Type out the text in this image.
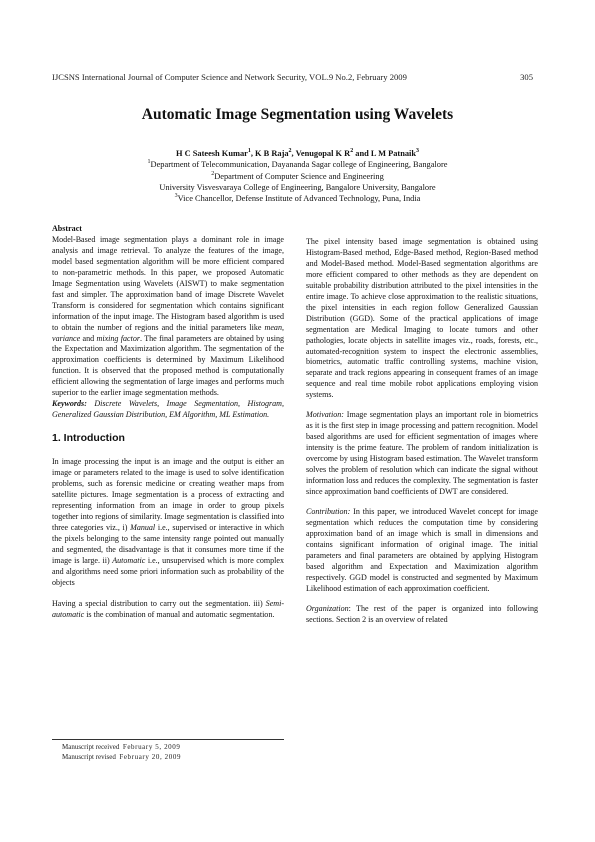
IJCSNS International Journal of Computer Science and Network Security, VOL.9 No.2, February 2009	305
Automatic Image Segmentation using Wavelets
H C Sateesh Kumar$^1$, K B Raja$^2$, Venugopal K $R^2$ and L M Patnaik$^3$
$^1$Department of Telecommunication, Dayananda Sagar college of Engineering, Bangalore
$^2$Department of Computer Science and Engineering
University Visvesvaraya College of Engineering, Bangalore University, Bangalore
$^3$Vice Chancellor, Defense Institute of Advanced Technology, Puna, India
Abstract

Model-Based image segmentation plays a dominant role in image analysis and image retrieval. To analyze the features of the image, model based segmentation algorithm will be more efficient compared to non-parametric methods. In this paper, we proposed Automatic Image Segmentation using Wavelets (AISWT) to make segmentation fast and simpler. The approximation band of image Discrete Wavelet Transform is considered for segmentation which contains significant information of the input image. The Histogram based algorithm is used to obtain the number of regions and the initial parameters like mean, variance and mixing factor. The final parameters are obtained by using the Expectation and Maximization algorithm. The segmentation of the approximation coefficients is determined by Maximum Likelihood function. It is observed that the proposed method is computationally efficient allowing the segmentation of large images and performs much superior to the earlier image segmentation methods.

Keywords: Discrete Wavelets, Image Segmentation, Histogram, Generalized Gaussian Distribution, EM Algorithm, ML Estimation.

1. Introduction

In image processing the input is an image and the output is either an image or parameters related to the image is used to solve identification problems, such as forensic medicine or creating weather maps from satellite pictures. Image segmentation is a process of extracting and representing information from an image in order to group pixels together into regions of similarity. Image segmentation is classified into three categories viz., i) Manual i.e., supervised or interactive in which the pixels belonging to the same intensity range pointed out manually and segmented, the disadvantage is that it consumes more time if the image is large. ii) Automatic i.e., unsupervised which is more complex and algorithms need some priori information such as probability of the objects

Having a special distribution to carry out the segmentation. iii) Semi-automatic is the combination of manual and automatic segmentation.

The pixel intensity based image segmentation is obtained using Histogram-Based method, Edge-Based method, Region-Based method and Model-Based method. Model-Based segmentation algorithms are more efficient compared to other methods as they are dependent on suitable probability distribution attributed to the pixel intensities in the entire image. To achieve close approximation to the realistic situations, the pixel intensities in each region follow Generalized Gaussian Distribution (GGD). Some of the practical applications of image segmentation are Medical Imaging to locate tumors and other pathologies, locate objects in satellite images viz., roads, forests, etc., automated-recognition system to inspect the electronic assemblies, biometrics, automatic traffic controlling systems, machine vision, separate and track regions appearing in consequent frames of an image sequence and real time mobile robot applications employing vision systems.

Motivation: Image segmentation plays an important role in biometrics as it is the first step in image processing and pattern recognition. Model based algorithms are used for efficient segmentation of images where intensity is the prime feature. The problem of random initialization is overcome by using Histogram based estimation. The Wavelet transform solves the problem of resolution which can indicate the signal without information loss and reduces the complexity. The segmentation is faster since approximation band coefficients of DWT are considered.

Contribution: In this paper, we introduced Wavelet concept for image segmentation which reduces the computation time by considering approximation band of an image which is small in dimensions and contains significant information of original image. The initial parameters and final parameters are obtained by applying Histogram based algorithm and Expectation and Maximization algorithm respectively. GGD model is constructed and segmented by Maximum Likelihood estimation of each approximation coefficient.

Organization: The rest of the paper is organized into following sections. Section 2 is an overview of related

Manuscript received February 5, 2009
Manuscript revised February 20, 2009
